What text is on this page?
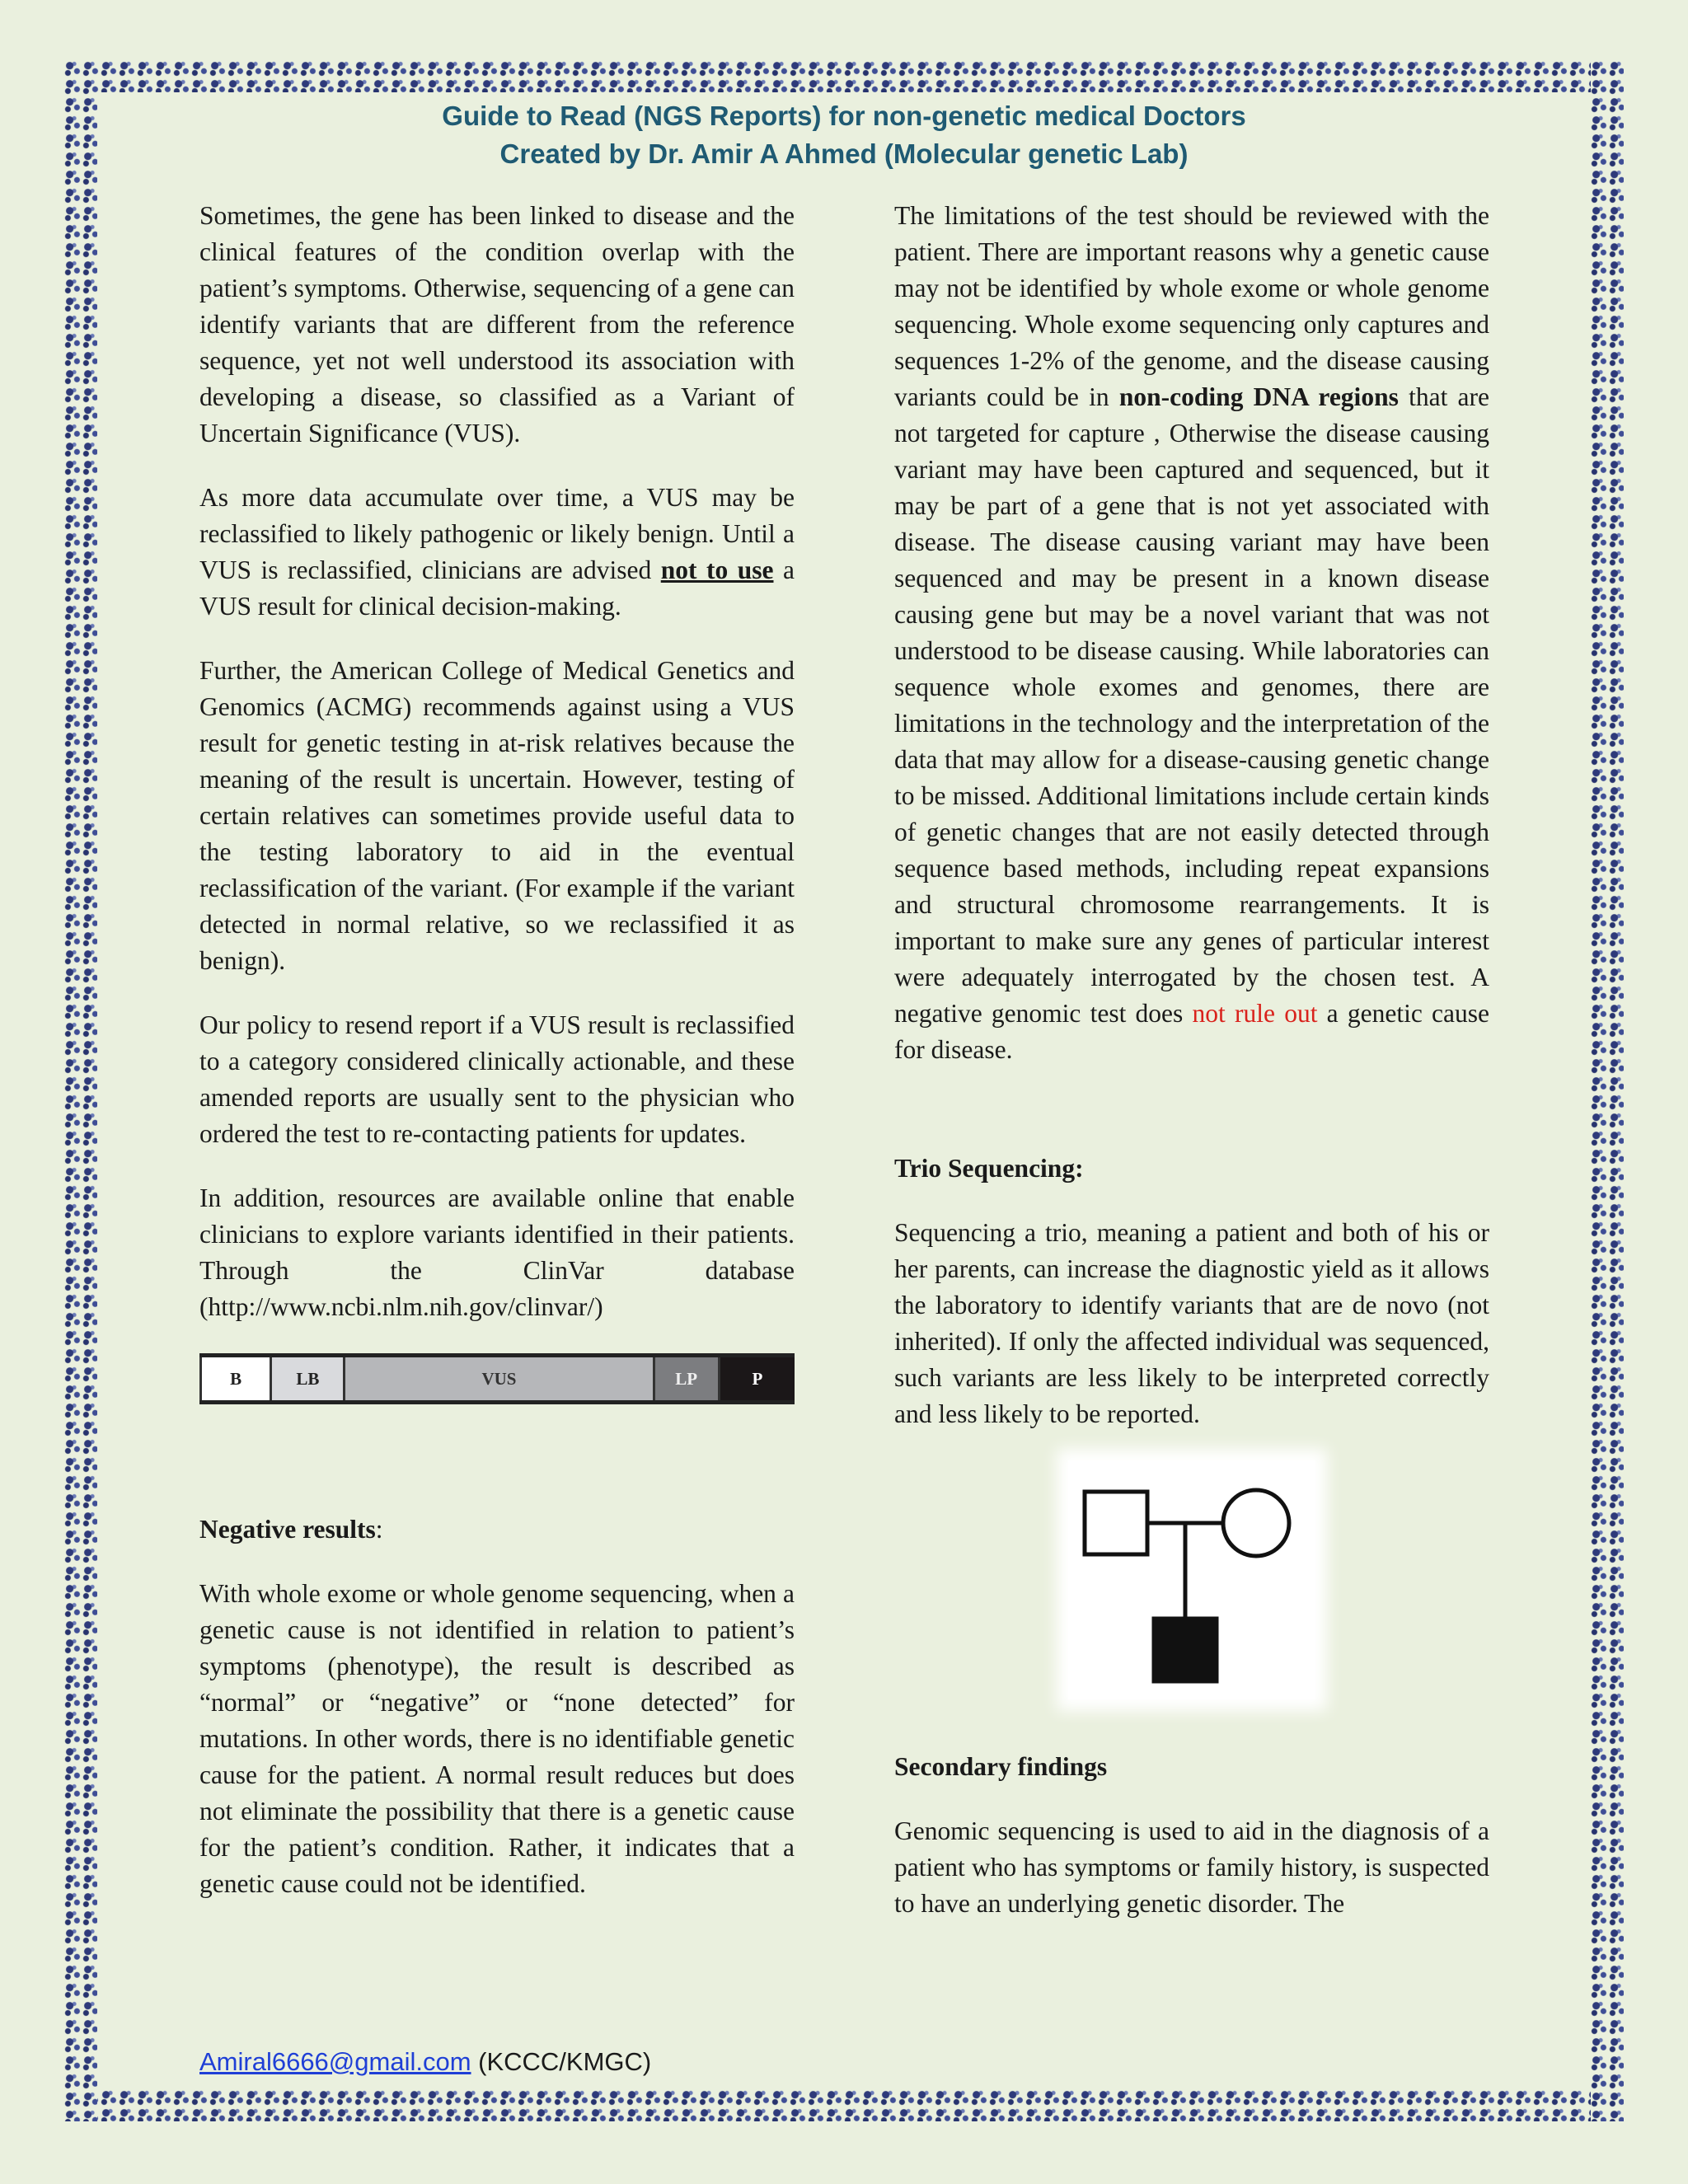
Guide to Read (NGS Reports) for non-genetic medical Doctors
Created by Dr. Amir A Ahmed (Molecular genetic Lab)

Sometimes, the gene has been linked to disease and the clinical features of the condition overlap with the patient’s symptoms. Otherwise, sequencing of a gene can identify variants that are different from the reference sequence, yet not well understood its association with developing a disease, so classified as a Variant of Uncertain Significance (VUS).

As more data accumulate over time, a VUS may be reclassified to likely pathogenic or likely benign. Until a VUS is reclassified, clinicians are advised not to use a VUS result for clinical decision-making.

Further, the American College of Medical Genetics and Genomics (ACMG) recommends against using a VUS result for genetic testing in at-risk relatives because the meaning of the result is uncertain. However, testing of certain relatives can sometimes provide useful data to the testing laboratory to aid in the eventual reclassification of the variant. (For example if the variant detected in normal relative, so we reclassified it as benign).

Our policy to resend report if a VUS result is reclassified to a category considered clinically actionable, and these amended reports are usually sent to the physician who ordered the test to re-contacting patients for updates.

In addition, resources are available online that enable clinicians to explore variants identified in their patients. Through the ClinVar database (http://www.ncbi.nlm.nih.gov/clinvar/)

B	LB	VUS	LP	P
Negative results:

With whole exome or whole genome sequencing, when a genetic cause is not identified in relation to patient’s symptoms (phenotype), the result is described as “normal” or “negative” or “none detected” for mutations. In other words, there is no identifiable genetic cause for the patient. A normal result reduces but does not eliminate the possibility that there is a genetic cause for the patient’s condition. Rather, it indicates that a genetic cause could not be identified.

The limitations of the test should be reviewed with the patient. There are important reasons why a genetic cause may not be identified by whole exome or whole genome sequencing. Whole exome sequencing only captures and sequences 1-2% of the genome, and the disease causing variants could be in non-coding DNA regions that are not targeted for capture , Otherwise the disease causing variant may have been captured and sequenced, but it may be part of a gene that is not yet associated with disease. The disease causing variant may have been sequenced and may be present in a known disease causing gene but may be a novel variant that was not understood to be disease causing. While laboratories can sequence whole exomes and genomes, there are limitations in the technology and the interpretation of the data that may allow for a disease-causing genetic change to be missed. Additional limitations include certain kinds of genetic changes that are not easily detected through sequence based methods, including repeat expansions and structural chromosome rearrangements. It is important to make sure any genes of particular interest were adequately interrogated by the chosen test. A negative genomic test does not rule out a genetic cause for disease.

Trio Sequencing:

Sequencing a trio, meaning a patient and both of his or her parents, can increase the diagnostic yield as it allows the laboratory to identify variants that are de novo (not inherited). If only the affected individual was sequenced, such variants are less likely to be interpreted correctly and less likely to be reported.

Secondary findings

Genomic sequencing is used to aid in the diagnosis of a patient who has symptoms or family history, is suspected to have an underlying genetic disorder. The

Amiral6666@gmail.com (KCCC/KMGC)
